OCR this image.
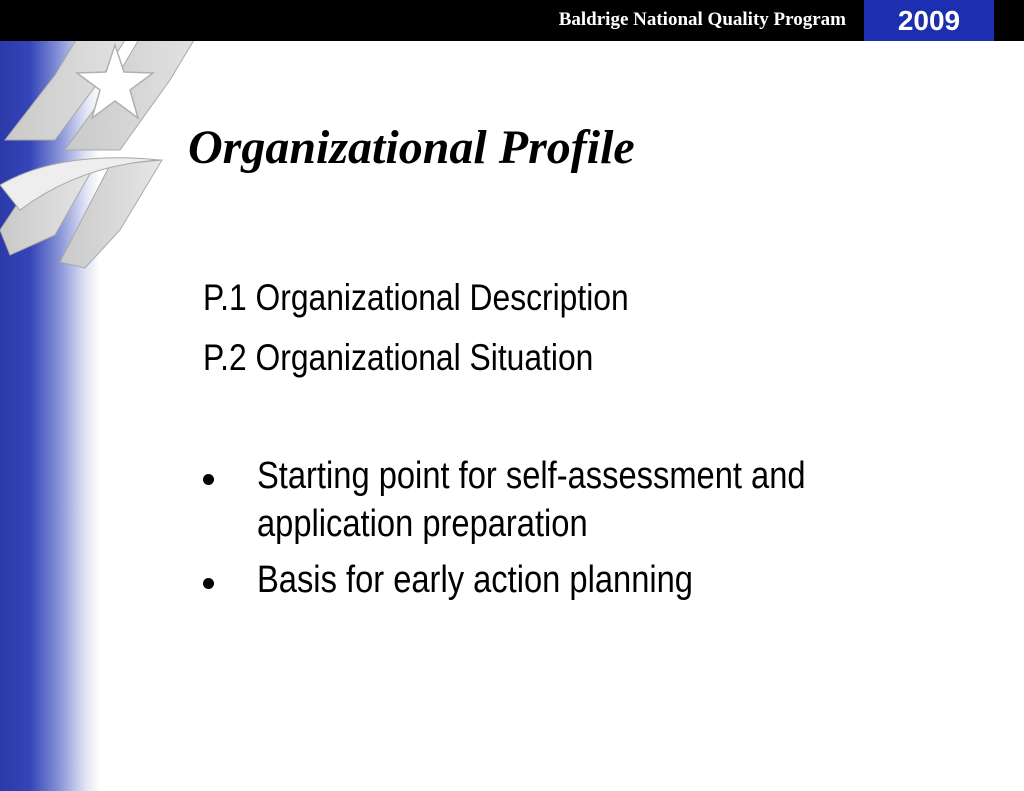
Baldrige National Quality Program	2009
Organizational Profile
P.1 Organizational Description
P.2 Organizational Situation
Starting point for self-assessment and application preparation
Basis for early action planning
